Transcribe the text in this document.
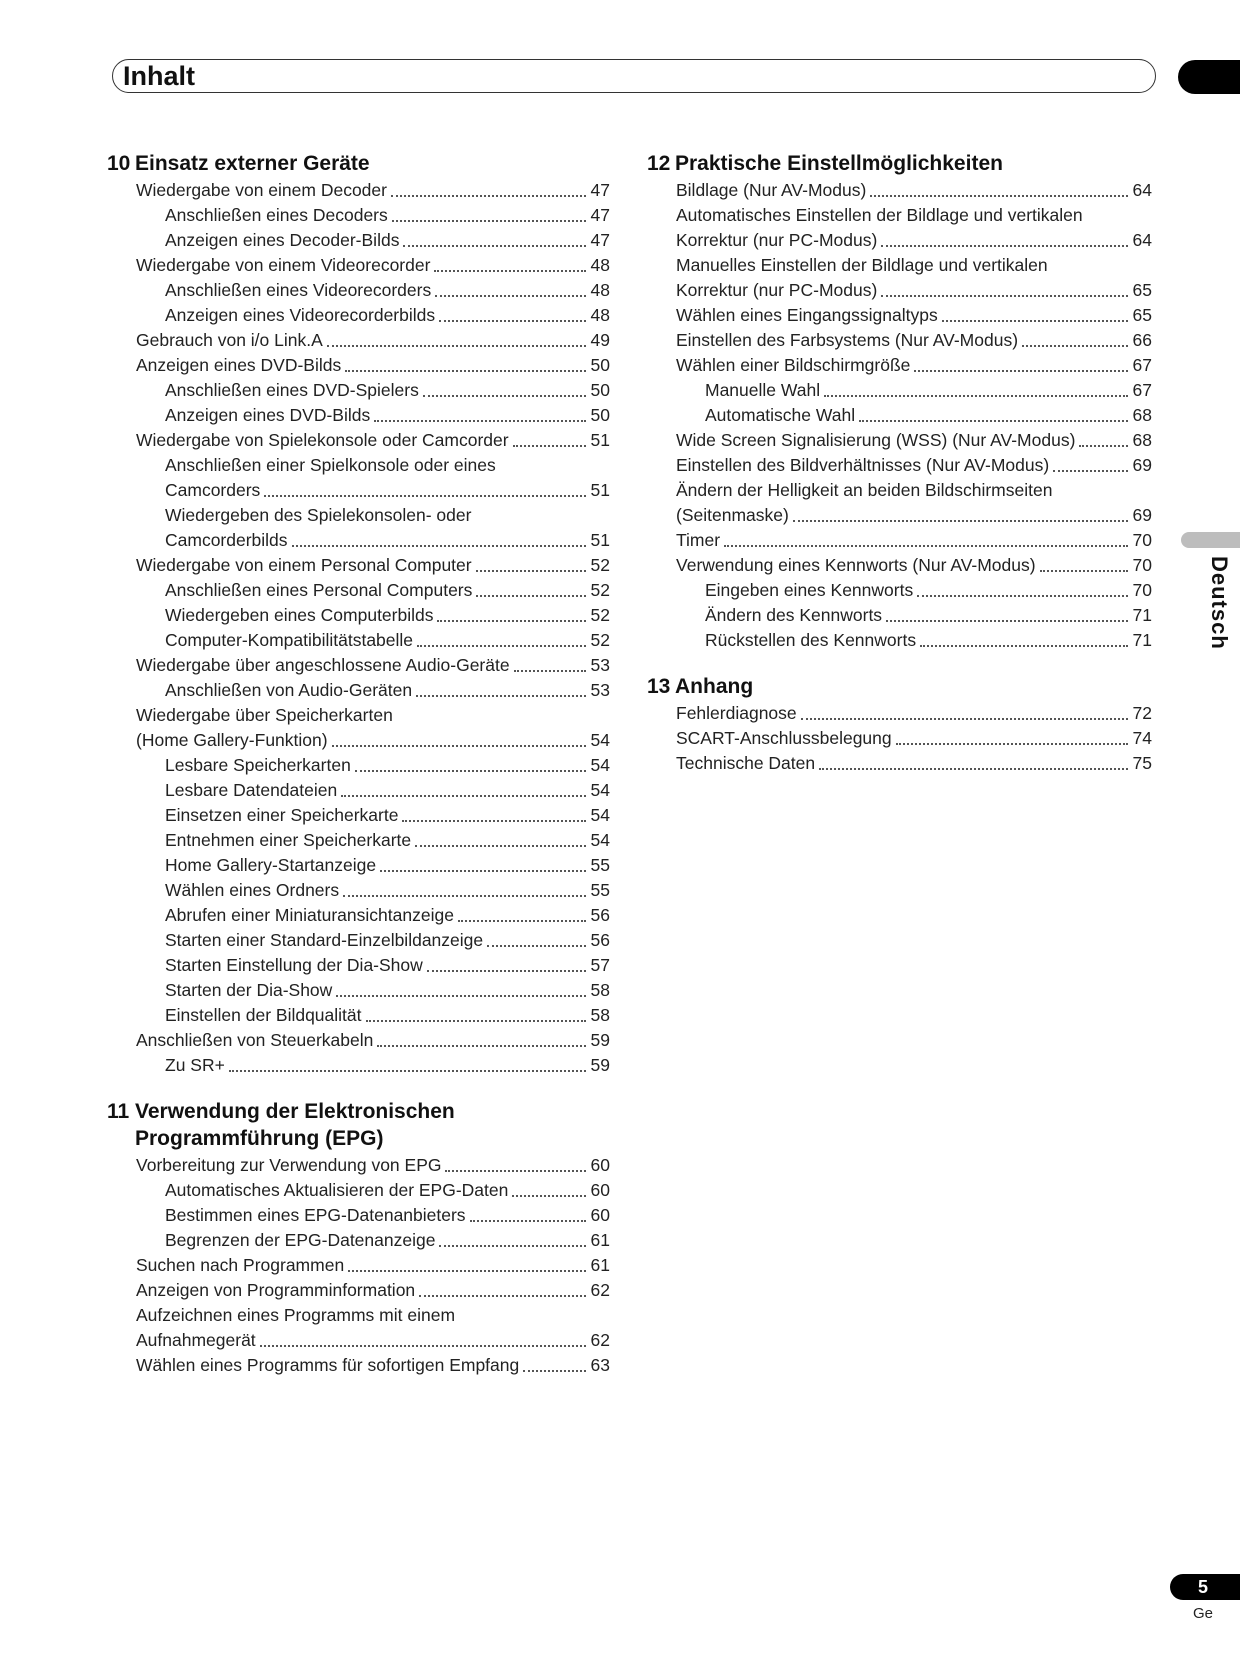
Inhalt
Deutsch
10 Einsatz externer Geräte
Wiedergabe von einem Decoder	47
Anschließen eines Decoders	47
Anzeigen eines Decoder-Bilds	47
Wiedergabe von einem Videorecorder	48
Anschließen eines Videorecorders	48
Anzeigen eines Videorecorderbilds	48
Gebrauch von i/o Link.A	49
Anzeigen eines DVD-Bilds	50
Anschließen eines DVD-Spielers	50
Anzeigen eines DVD-Bilds	50
Wiedergabe von Spielekonsole oder Camcorder	51
Anschließen einer Spielkonsole oder eines
Camcorders	51
Wiedergeben des Spielekonsolen- oder
Camcorderbilds	51
Wiedergabe von einem Personal Computer	52
Anschließen eines Personal Computers	52
Wiedergeben eines Computerbilds	52
Computer-Kompatibilitätstabelle	52
Wiedergabe über angeschlossene Audio-Geräte	53
Anschließen von Audio-Geräten	53
Wiedergabe über Speicherkarten
(Home Gallery-Funktion)	54
Lesbare Speicherkarten	54
Lesbare Datendateien	54
Einsetzen einer Speicherkarte	54
Entnehmen einer Speicherkarte	54
Home Gallery-Startanzeige	55
Wählen eines Ordners	55
Abrufen einer Miniaturansichtanzeige	56
Starten einer Standard-Einzelbildanzeige	56
Starten Einstellung der Dia-Show	57
Starten der Dia-Show	58
Einstellen der Bildqualität	58
Anschließen von Steuerkabeln	59
Zu SR+	59
11 Verwendung der Elektronischen Programmführung (EPG)
Vorbereitung zur Verwendung von EPG	60
Automatisches Aktualisieren der EPG-Daten	60
Bestimmen eines EPG-Datenanbieters	60
Begrenzen der EPG-Datenanzeige	61
Suchen nach Programmen	61
Anzeigen von Programminformation	62
Aufzeichnen eines Programms mit einem
Aufnahmegerät	62
Wählen eines Programms für sofortigen Empfang	63
12 Praktische Einstellmöglichkeiten
Bildlage (Nur AV-Modus)	64
Automatisches Einstellen der Bildlage und vertikalen
Korrektur (nur PC-Modus)	64
Manuelles Einstellen der Bildlage und vertikalen
Korrektur (nur PC-Modus)	65
Wählen eines Eingangssignaltyps	65
Einstellen des Farbsystems (Nur AV-Modus)	66
Wählen einer Bildschirmgröße	67
Manuelle Wahl	67
Automatische Wahl	68
Wide Screen Signalisierung (WSS) (Nur AV-Modus)	68
Einstellen des Bildverhältnisses (Nur AV-Modus)	69
Ändern der Helligkeit an beiden Bildschirmseiten
(Seitenmaske)	69
Timer	70
Verwendung eines Kennworts (Nur AV-Modus)	70
Eingeben eines Kennworts	70
Ändern des Kennworts	71
Rückstellen des Kennworts	71
13 Anhang
Fehlerdiagnose	72
SCART-Anschlussbelegung	74
Technische Daten	75
5
Ge
